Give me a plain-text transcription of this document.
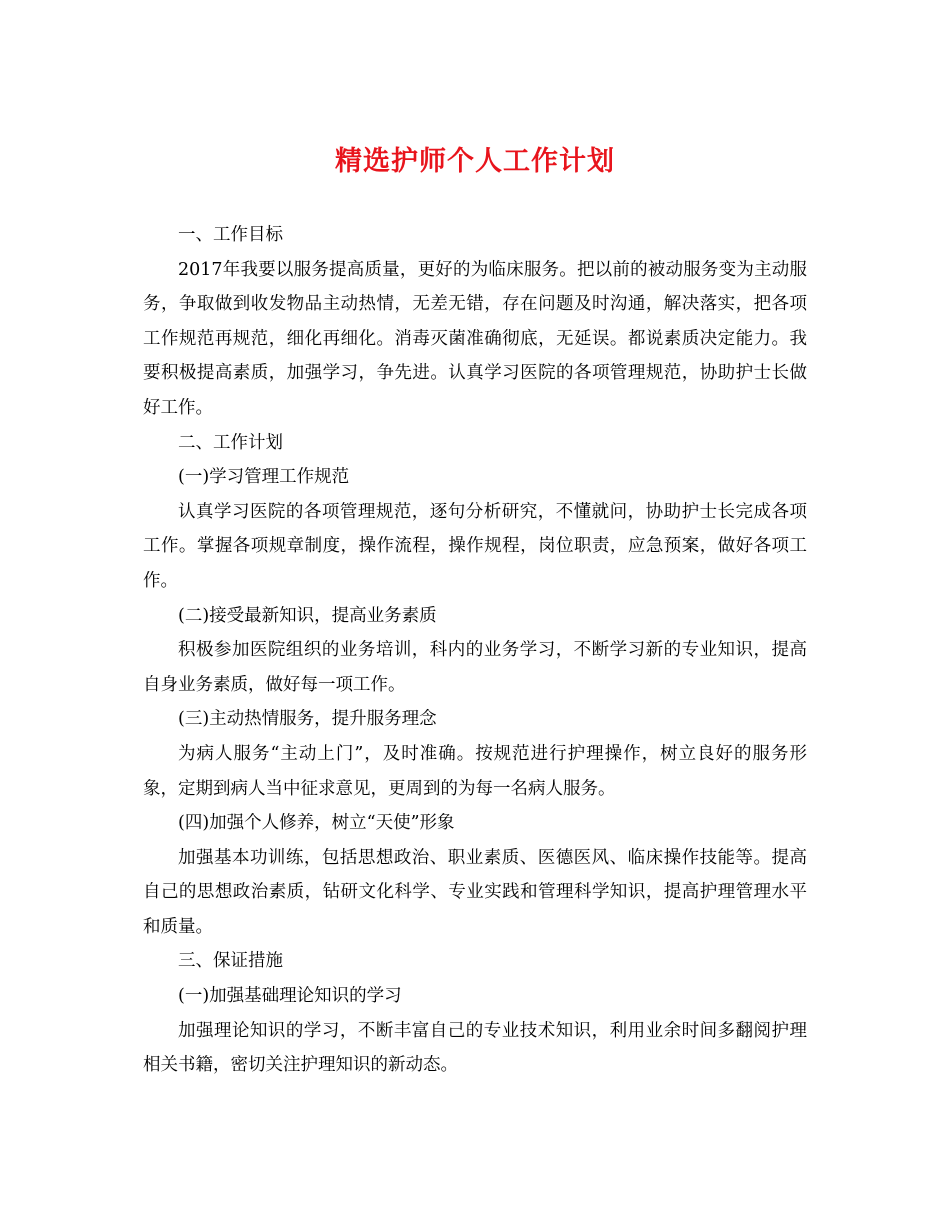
精选护师个人工作计划

一、工作目标

2017年我要以服务提高质量，更好的为临床服务。把以前的被动服务变为主动服务，争取做到收发物品主动热情，无差无错，存在问题及时沟通，解决落实，把各项工作规范再规范，细化再细化。消毒灭菌准确彻底，无延误。都说素质决定能力。我要积极提高素质，加强学习，争先进。认真学习医院的各项管理规范，协助护士长做好工作。

二、工作计划

(一)学习管理工作规范

认真学习医院的各项管理规范，逐句分析研究，不懂就问，协助护士长完成各项工作。掌握各项规章制度，操作流程，操作规程，岗位职责，应急预案，做好各项工作。

(二)接受最新知识，提高业务素质

积极参加医院组织的业务培训，科内的业务学习，不断学习新的专业知识，提高自身业务素质，做好每一项工作。

(三)主动热情服务，提升服务理念

为病人服务“主动上门”，及时准确。按规范进行护理操作，树立良好的服务形象，定期到病人当中征求意见，更周到的为每一名病人服务。

(四)加强个人修养，树立“天使”形象

加强基本功训练，包括思想政治、职业素质、医德医风、临床操作技能等。提高自己的思想政治素质，钻研文化科学、专业实践和管理科学知识，提高护理管理水平和质量。

三、保证措施

(一)加强基础理论知识的学习

加强理论知识的学习，不断丰富自己的专业技术知识，利用业余时间多翻阅护理相关书籍，密切关注护理知识的新动态。
